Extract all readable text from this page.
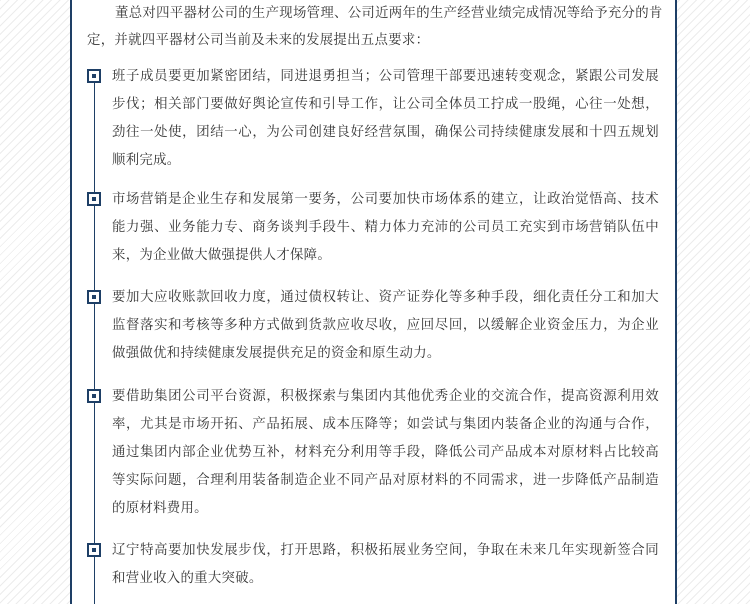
董总对四平器材公司的生产现场管理、公司近两年的生产经营业绩完成情况等给予充分的肯定，并就四平器材公司当前及未来的发展提出五点要求：

班子成员要更加紧密团结，同进退勇担当；公司管理干部要迅速转变观念，紧跟公司发展步伐；相关部门要做好舆论宣传和引导工作，让公司全体员工拧成一股绳，心往一处想，劲往一处使，团结一心，为公司创建良好经营氛围，确保公司持续健康发展和十四五规划顺利完成。

市场营销是企业生存和发展第一要务，公司要加快市场体系的建立，让政治觉悟高、技术能力强、业务能力专、商务谈判手段牛、精力体力充沛的公司员工充实到市场营销队伍中来，为企业做大做强提供人才保障。

要加大应收账款回收力度，通过债权转让、资产证券化等多种手段，细化责任分工和加大监督落实和考核等多种方式做到货款应收尽收，应回尽回，以缓解企业资金压力，为企业做强做优和持续健康发展提供充足的资金和原生动力。

要借助集团公司平台资源，积极探索与集团内其他优秀企业的交流合作，提高资源利用效率，尤其是市场开拓、产品拓展、成本压降等；如尝试与集团内装备企业的沟通与合作，通过集团内部企业优势互补，材料充分利用等手段，降低公司产品成本对原材料占比较高等实际问题，合理利用装备制造企业不同产品对原材料的不同需求，进一步降低产品制造的原材料费用。

辽宁特高要加快发展步伐，打开思路，积极拓展业务空间，争取在未来几年实现新签合同和营业收入的重大突破。
